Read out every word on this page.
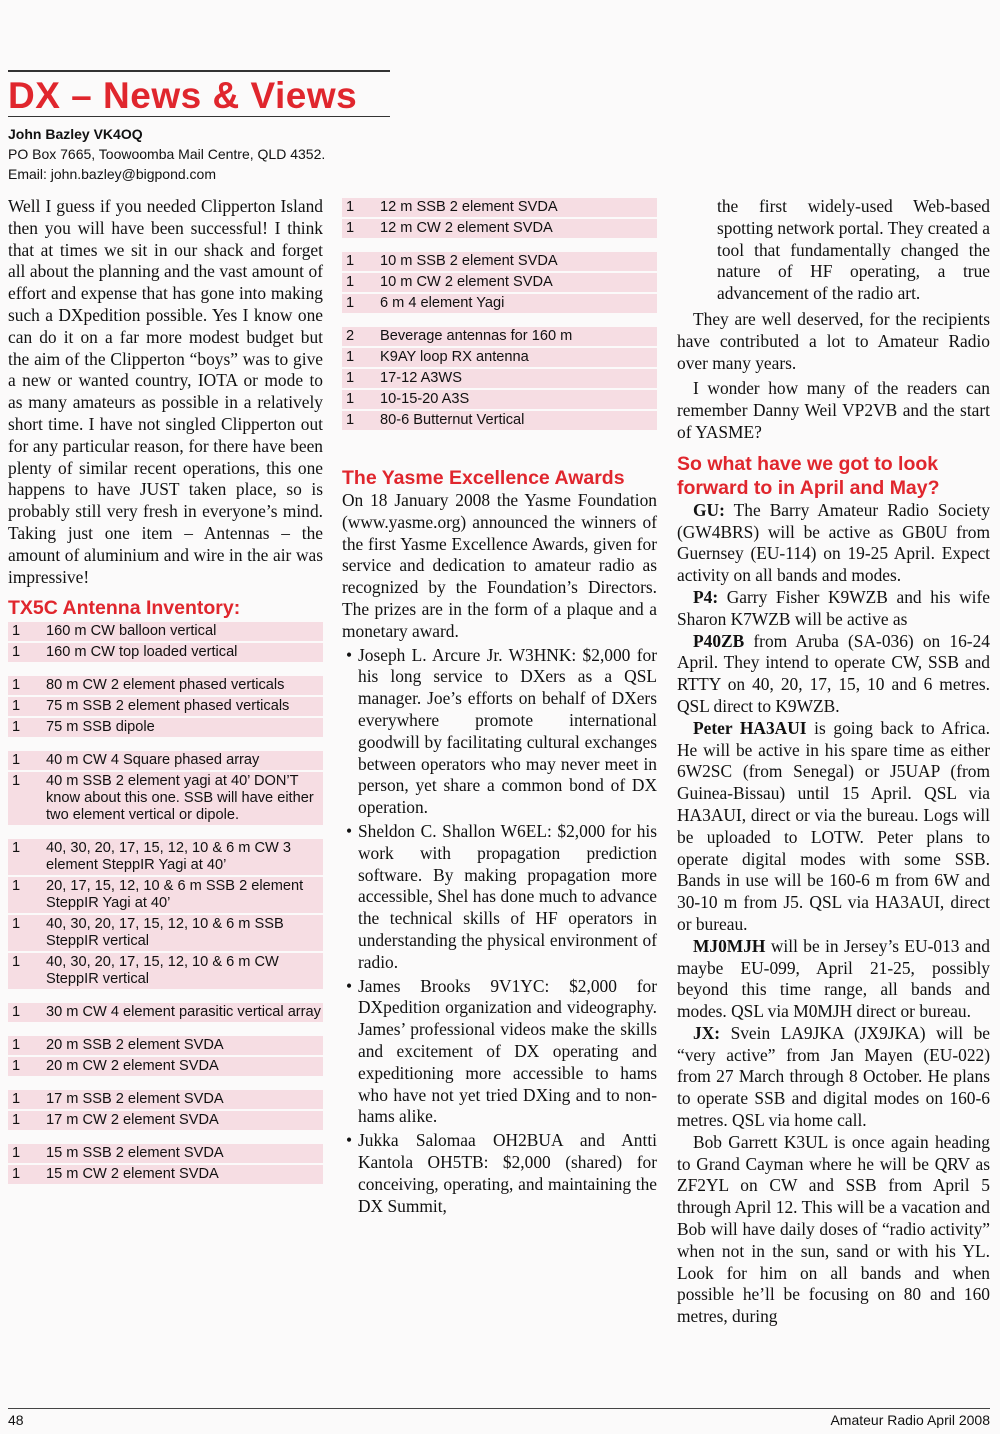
DX – News & Views
John Bazley VK4OQ
PO Box 7665, Toowoomba Mail Centre, QLD 4352.
Email: john.bazley@bigpond.com

Well I guess if you needed Clipperton Island then you will have been successful! I think that at times we sit in our shack and forget all about the planning and the vast amount of effort and expense that has gone into making such a DXpedition possible. Yes I know one can do it on a far more modest budget but the aim of the Clipperton “boys” was to give a new or wanted country, IOTA or mode to as many amateurs as possible in a relatively short time. I have not singled Clipperton out for any particular reason, for there have been plenty of similar recent operations, this one happens to have JUST taken place, so is probably still very fresh in everyone’s mind. Taking just one item – Antennas – the amount of aluminium and wire in the air was impressive!

TX5C Antenna Inventory:
1	160 m CW balloon vertical
1	160 m CW top loaded vertical

1	80 m CW 2 element phased verticals
1	75 m SSB 2 element phased verticals
1	75 m SSB dipole

1	40 m CW 4 Square phased array
1	40 m SSB 2 element yagi at 40’ DON’T know about this one. SSB will have either two element vertical or dipole.

1	40, 30, 20, 17, 15, 12, 10 & 6 m CW 3 element SteppIR Yagi at 40’
1	20, 17, 15, 12, 10 & 6 m SSB 2 element SteppIR Yagi at 40’
1	40, 30, 20, 17, 15, 12, 10 & 6 m SSB SteppIR vertical
1	40, 30, 20, 17, 15, 12, 10 & 6 m CW SteppIR vertical

1	30 m CW 4 element parasitic vertical array

1	20 m SSB 2 element SVDA
1	20 m CW 2 element SVDA

1	17 m SSB 2 element SVDA
1	17 m CW 2 element SVDA

1	15 m SSB 2 element SVDA
1	15 m CW 2 element SVDA
1	12 m SSB 2 element SVDA
1	12 m CW 2 element SVDA

1	10 m SSB 2 element SVDA
1	10 m CW 2 element SVDA
1	6 m 4 element Yagi

2	Beverage antennas for 160 m
1	K9AY loop RX antenna
1	17-12 A3WS
1	10-15-20 A3S
1	80-6 Butternut Vertical
The Yasme Excellence Awards

On 18 January 2008 the Yasme Foundation (www.yasme.org) announced the winners of the first Yasme Excellence Awards, given for service and dedication to amateur radio as recognized by the Foundation’s Directors. The prizes are in the form of a plaque and a monetary award.

• Joseph L. Arcure Jr. W3HNK: $2,000 for his long service to DXers as a QSL manager. Joe’s efforts on behalf of DXers everywhere promote international goodwill by facilitating cultural exchanges between operators who may never meet in person, yet share a common bond of DX operation.
• Sheldon C. Shallon W6EL: $2,000 for his work with propagation prediction software. By making propagation more accessible, Shel has done much to advance the technical skills of HF operators in understanding the physical environment of radio.
• James Brooks 9V1YC: $2,000 for DXpedition organization and videography. James’ professional videos make the skills and excitement of DX operating and expeditioning more accessible to hams who have not yet tried DXing and to non-hams alike.
• Jukka Salomaa OH2BUA and Antti Kantola OH5TB: $2,000 (shared) for conceiving, operating, and maintaining the DX Summit,

the first widely-used Web-based spotting network portal. They created a tool that fundamentally changed the nature of HF operating, a true advancement of the radio art.

They are well deserved, for the recipients have contributed a lot to Amateur Radio over many years.

I wonder how many of the readers can remember Danny Weil VP2VB and the start of YASME?

So what have we got to look forward to in April and May?

GU: The Barry Amateur Radio Society (GW4BRS) will be active as GB0U from Guernsey (EU-114) on 19-25 April. Expect activity on all bands and modes.

P4: Garry Fisher K9WZB and his wife Sharon K7WZB will be active as

P40ZB from Aruba (SA-036) on 16-24 April. They intend to operate CW, SSB and RTTY on 40, 20, 17, 15, 10 and 6 metres. QSL direct to K9WZB.

Peter HA3AUI is going back to Africa. He will be active in his spare time as either 6W2SC (from Senegal) or J5UAP (from Guinea-Bissau) until 15 April. QSL via HA3AUI, direct or via the bureau. Logs will be uploaded to LOTW. Peter plans to operate digital modes with some SSB. Bands in use will be 160-6 m from 6W and 30-10 m from J5. QSL via HA3AUI, direct or bureau.

MJ0MJH will be in Jersey’s EU-013 and maybe EU-099, April 21-25, possibly beyond this time range, all bands and modes. QSL via M0MJH direct or bureau.

JX: Svein LA9JKA (JX9JKA) will be “very active” from Jan Mayen (EU-022) from 27 March through 8 October. He plans to operate SSB and digital modes on 160-6 metres. QSL via home call.

Bob Garrett K3UL is once again heading to Grand Cayman where he will be QRV as ZF2YL on CW and SSB from April 5 through April 12. This will be a vacation and Bob will have daily doses of “radio activity” when not in the sun, sand or with his YL. Look for him on all bands and when possible he’ll be focusing on 80 and 160 metres, during

48	Amateur Radio April 2008
